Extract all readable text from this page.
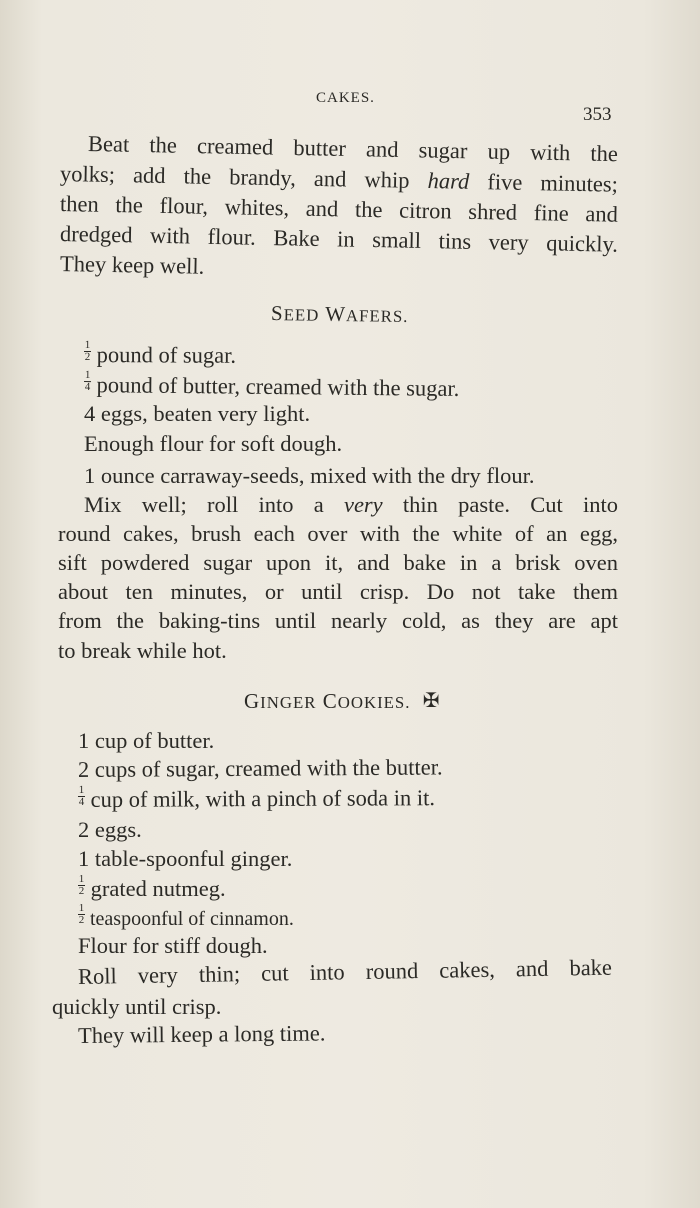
CAKES.
353
Beat the creamed butter and sugar up with the
yolks; add the brandy, and whip hard five minutes;
then the flour, whites, and the citron shred fine and
dredged with flour. Bake in small tins very quickly.
They keep well.
SEED WAFERS.
$\frac{1}{2}$ pound of sugar.
$\frac{1}{4}$ pound of butter, creamed with the sugar.
4 eggs, beaten very light.
Enough flour for soft dough.
1 ounce carraway-seeds, mixed with the dry flour.
Mix well; roll into a very thin paste. Cut into
round cakes, brush each over with the white of an egg,
sift powdered sugar upon it, and bake in a brisk oven
about ten minutes, or until crisp. Do not take them
from the baking-tins until nearly cold, as they are apt
to break while hot.
GINGER COOKIES. ✠
1 cup of butter.
2 cups of sugar, creamed with the butter.
$\frac{1}{4}$ cup of milk, with a pinch of soda in it.
2 eggs.
1 table-spoonful ginger.
$\frac{1}{2}$ grated nutmeg.
$\frac{1}{2}$ teaspoonful of cinnamon.
Flour for stiff dough.
Roll very thin; cut into round cakes, and bake
quickly until crisp.
They will keep a long time.
